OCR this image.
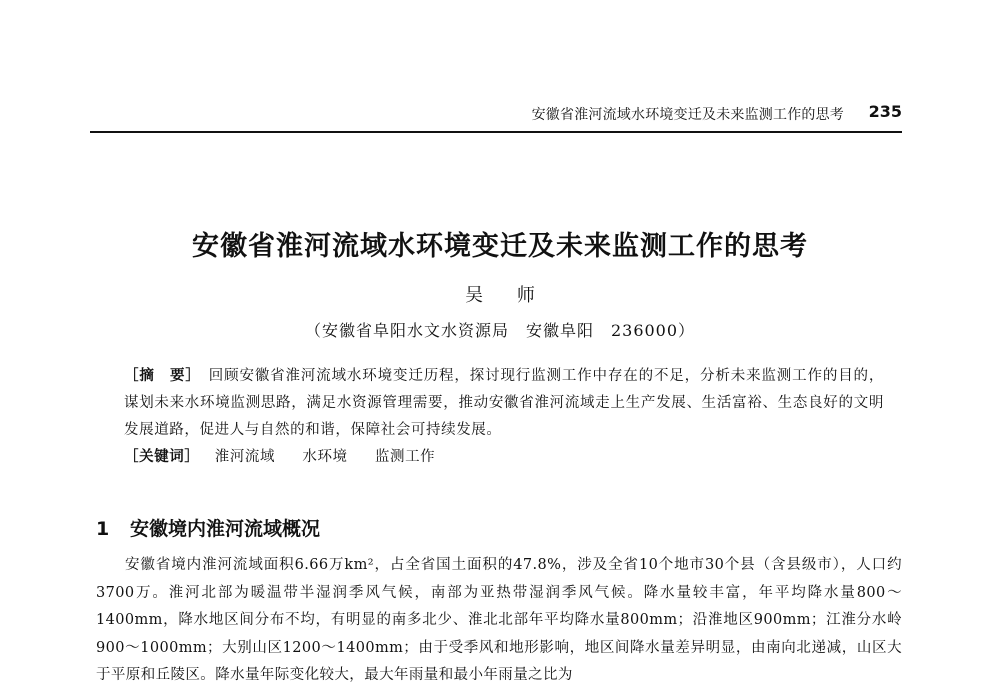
安徽省淮河流域水环境变迁及未来监测工作的思考 235
安徽省淮河流域水环境变迁及未来监测工作的思考
吴 师
（安徽省阜阳水文水资源局　安徽阜阳　236000）
［摘　要］ 回顾安徽省淮河流域水环境变迁历程，探讨现行监测工作中存在的不足，分析未来监测工作的目的，谋划未来水环境监测思路，满足水资源管理需要，推动安徽省淮河流域走上生产发展、生活富裕、生态良好的文明发展道路，促进人与自然的和谐，保障社会可持续发展。
［关键词］ 淮河流域 水环境 监测工作
1 安徽境内淮河流域概况
安徽省境内淮河流域面积6.66万km²，占全省国土面积的47.8%，涉及全省10个地市30个县（含县级市），人口约3700万。淮河北部为暖温带半湿润季风气候，南部为亚热带湿润季风气候。降水量较丰富，年平均降水量800～1400mm，降水地区间分布不均，有明显的南多北少、淮北北部年平均降水量800mm；沿淮地区900mm；江淮分水岭900～1000mm；大别山区1200～1400mm；由于受季风和地形影响，地区间降水量差异明显，由南向北递减，山区大于平原和丘陵区。降水量年际变化较大，最大年雨量和最小年雨量之比为
